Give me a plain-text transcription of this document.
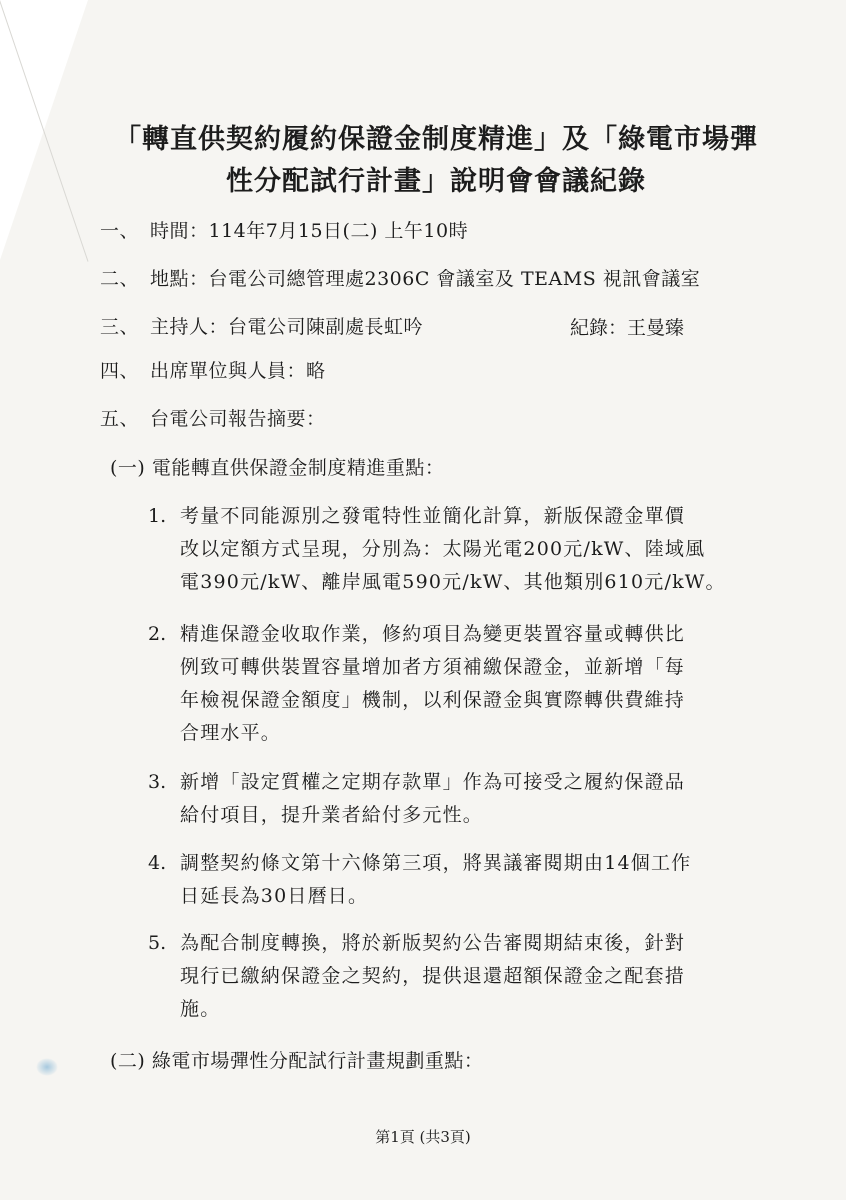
「轉直供契約履約保證金制度精進」及「綠電市場彈
性分配試行計畫」說明會會議紀錄
一、 時間：114年7月15日(二) 上午10時
二、 地點：台電公司總管理處2306C 會議室及 TEAMS 視訊會議室
三、 主持人：台電公司陳副處長虹吟	紀錄：王曼臻
四、 出席單位與人員：略
五、 台電公司報告摘要：
(一) 電能轉直供保證金制度精進重點：
1. 考量不同能源別之發電特性並簡化計算，新版保證金單價
改以定額方式呈現，分別為：太陽光電200元/kW、陸域風
電390元/kW、離岸風電590元/kW、其他類別610元/kW。
2. 精進保證金收取作業，修約項目為變更裝置容量或轉供比
例致可轉供裝置容量增加者方須補繳保證金，並新增「每
年檢視保證金額度」機制，以利保證金與實際轉供費維持
合理水平。
3. 新增「設定質權之定期存款單」作為可接受之履約保證品
給付項目，提升業者給付多元性。
4. 調整契約條文第十六條第三項，將異議審閱期由14個工作
日延長為30日曆日。
5. 為配合制度轉換，將於新版契約公告審閱期結束後，針對
現行已繳納保證金之契約，提供退還超額保證金之配套措
施。
(二) 綠電市場彈性分配試行計畫規劃重點：
第1頁 (共3頁)
